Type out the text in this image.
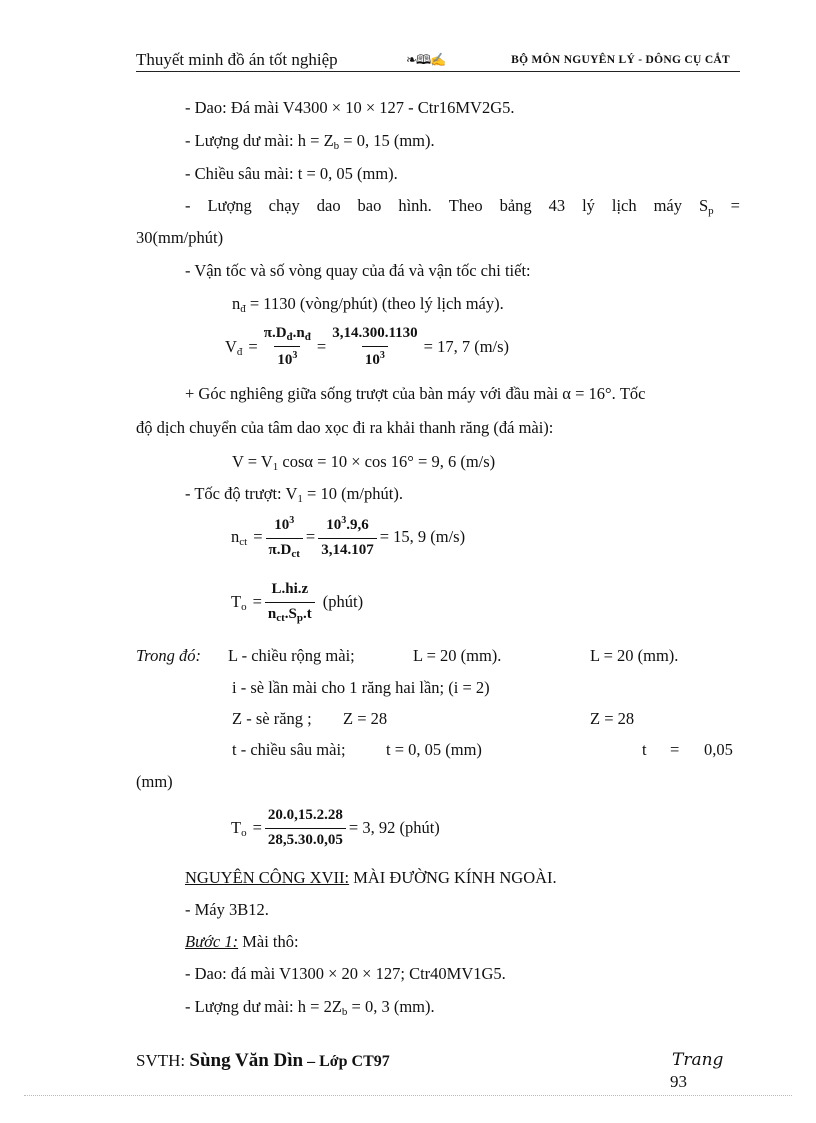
Thuyết minh đồ án tốt nghiệp	❧🕮✍	BỘ MÔN NGUYÊN LÝ - DÔNG CỤ CẮT
- Dao: Đá mài V4300 × 10 × 127 - Ctr16MV2G5.
- Lượng dư mài: $h = Z_b = 0$, 15 (mm).
- Chiều sâu mài: t = 0, 05 (mm).
- Lượng chạy dao bao hình. Theo bảng 43 lý lịch máy $S_p$ =
30(mm/phút)
- Vận tốc và số vòng quay của đá và vận tốc chi tiết:
$n_đ = 1130$ (vòng/phút) (theo lý lịch máy).
$V_đ = \frac{\pi.D_đ.n_đ}{10^3} = \frac{3,14.300.1130}{10^3} = 17$, 7 (m/s)
+ Góc nghiêng giữa sống trượt của bàn máy với đầu mài α = 16°. Tốc
độ dịch chuyển của tâm dao xọc đi ra khải thanh răng (đá mài):
$V = V_1$ cosα = 10 × cos 16° = 9, 6 (m/s)
- Tốc độ trượt: $V_1 = 10$ (m/phút).
$n_{ct} = \frac{10^3}{\pi.D_{ct}} = \frac{10^3.9,6}{3,14.107} = 15$, 9 (m/s)
$T_o = \frac{L.hi.z}{n_{ct}.S_p.t}$ (phút)
Trong đó: L - chiều rộng mài;	L = 20 (mm).	L = 20 (mm).
i - sè lần mài cho 1 răng hai lần; (i = 2)
Z - sè răng ; Z = 28	Z = 28
t - chiều sâu mài; t = 0, 05 (mm)	t = 0,05
(mm)
$T_o = \frac{20.0,15.2.28}{28,5.30.0,05} = 3$, 92 (phút)
NGUYÊN CÔNG XVII: MÀI ĐƯỜNG KÍNH NGOÀI.
- Máy 3B12.
Bước 1: Mài thô:
- Dao: đá mài V1300 × 20 × 127; Ctr40MV1G5.
- Lượng dư mài: $h = 2Z_b = 0$, 3 (mm).
SVTH: Sùng Văn Dìn – Lớp CT97	Trang
93
